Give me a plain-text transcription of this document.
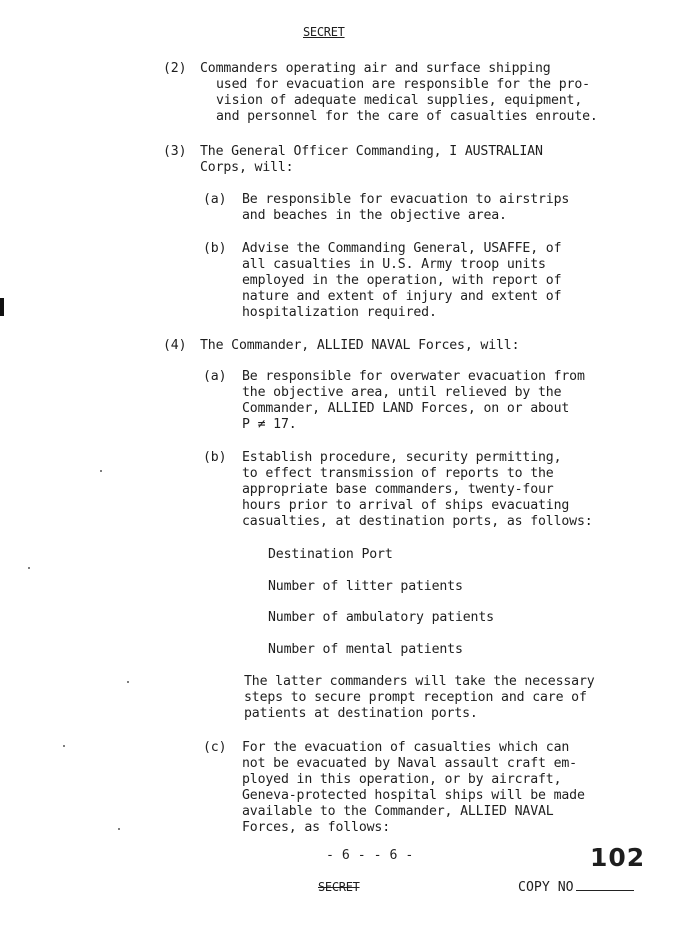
SECRET
(2) Commanders operating air and surface shipping
used for evacuation are responsible for the pro-
vision of adequate medical supplies, equipment,
and personnel for the care of casualties enroute.
(3) The General Officer Commanding, I AUSTRALIAN
Corps, will:
(a) Be responsible for evacuation to airstrips
and beaches in the objective area.
(b) Advise the Commanding General, USAFFE, of
all casualties in U.S. Army troop units
employed in the operation, with report of
nature and extent of injury and extent of
hospitalization required.
(4) The Commander, ALLIED NAVAL Forces, will:
(a) Be responsible for overwater evacuation from
the objective area, until relieved by the
Commander, ALLIED LAND Forces, on or about
P ≠ 17.
(b) Establish procedure, security permitting,
to effect transmission of reports to the
appropriate base commanders, twenty-four
hours prior to arrival of ships evacuating
casualties, at destination ports, as follows:
Destination Port
Number of litter patients
Number of ambulatory patients
Number of mental patients
The latter commanders will take the necessary
steps to secure prompt reception and care of
patients at destination ports.
(c) For the evacuation of casualties which can
not be evacuated by Naval assault craft em-
ployed in this operation, or by aircraft,
Geneva-protected hospital ships will be made
available to the Commander, ALLIED NAVAL
Forces, as follows:
- 6 - - 6 -	102
SECRET	COPY NO
